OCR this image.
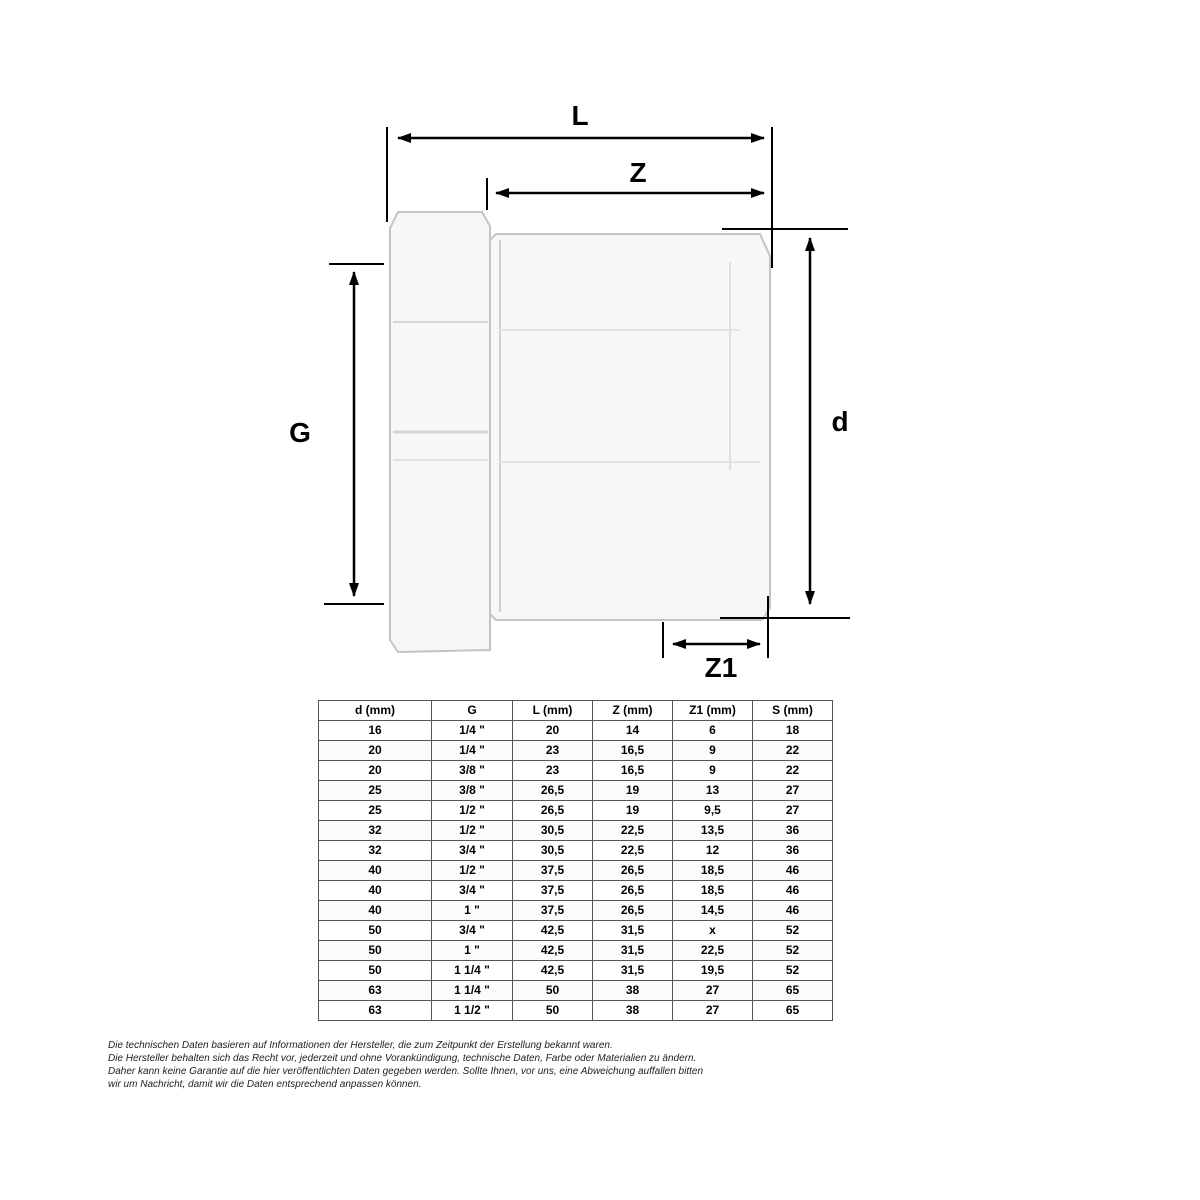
L
Z
G	d
Z1
d (mm)	G	L (mm)	Z (mm)	Z1 (mm)	S (mm)
16	1/4 "	20	14	6	18
20	1/4 "	23	16,5	9	22
20	3/8 "	23	16,5	9	22
25	3/8 "	26,5	19	13	27
25	1/2 "	26,5	19	9,5	27
32	1/2 "	30,5	22,5	13,5	36
32	3/4 "	30,5	22,5	12	36
40	1/2 "	37,5	26,5	18,5	46
40	3/4 "	37,5	26,5	18,5	46
40	1 "	37,5	26,5	14,5	46
50	3/4 "	42,5	31,5	x	52
50	1 "	42,5	31,5	22,5	52
50	1 1/4 "	42,5	31,5	19,5	52
63	1 1/4 "	50	38	27	65
63	1 1/2 "	50	38	27	65
Die technischen Daten basieren auf Informationen der Hersteller, die zum Zeitpunkt der Erstellung bekannt waren.
Die Hersteller behalten sich das Recht vor, jederzeit und ohne Vorankündigung, technische Daten, Farbe oder Materialien zu ändern.
Daher kann keine Garantie auf die hier veröffentlichten Daten gegeben werden. Sollte Ihnen, vor uns, eine Abweichung auffallen bitten
wir um Nachricht, damit wir die Daten entsprechend anpassen können.
